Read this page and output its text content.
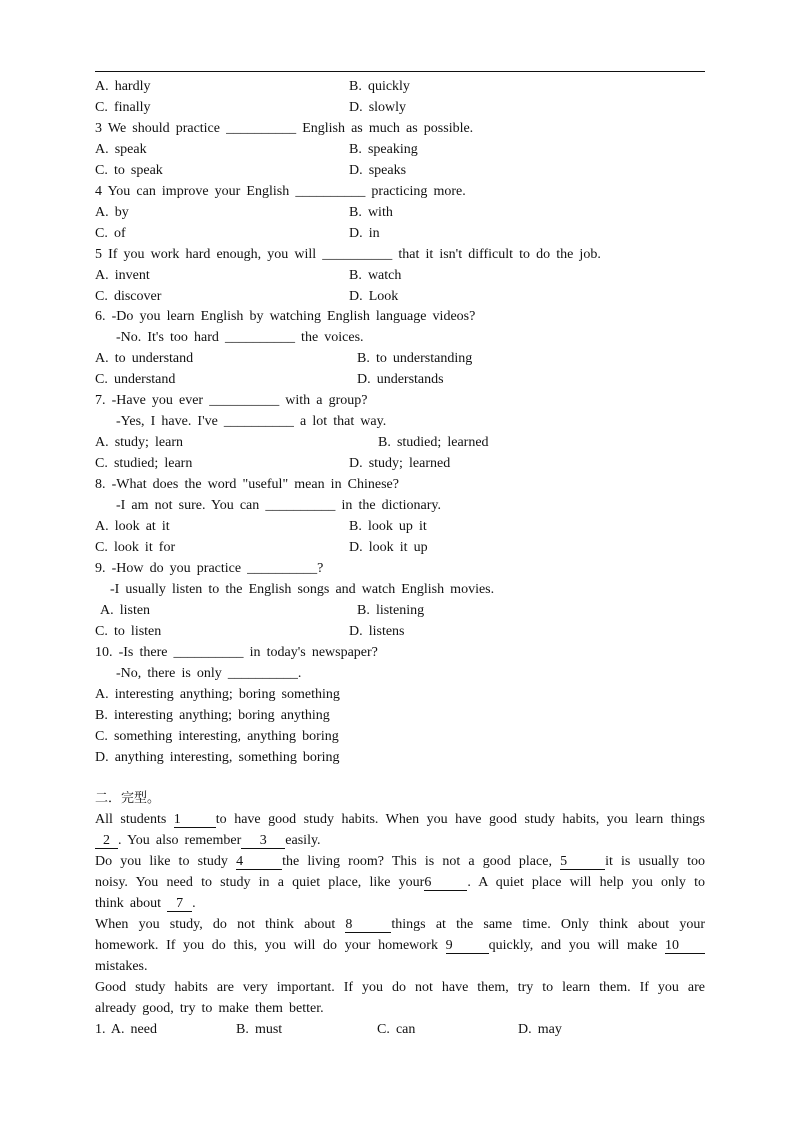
A. hardly	B. quickly
C. finally	D. slowly
3 We should practice __________ English as much as possible.
A. speak	B. speaking
C. to speak	D. speaks
4 You can improve your English __________ practicing more.
A. by	B. with
C. of	D. in
5 If you work hard enough, you will __________ that it isn't difficult to do the job.
A. invent	B. watch
C. discover	D. Look
6. -Do you learn English by watching English language videos?
-No. It's too hard __________ the voices.
A. to understand	B. to understanding
C. understand	D. understands
7. -Have you ever __________ with a group?
-Yes, I have. I've __________ a lot that way.
A. study; learn	B. studied; learned
C. studied; learn	D. study; learned
8. -What does the word "useful" mean in Chinese?
-I am not sure. You can __________ in the dictionary.
A. look at it	B. look up it
C. look it for	D. look it up
9. -How do you practice __________?
-I usually listen to the English songs and watch English movies.
A. listen	B. listening
C. to listen	D. listens
10. -Is there __________ in today's newspaper?
-No, there is only __________.
A. interesting anything; boring something
B. interesting anything; boring anything
C. something interesting, anything boring
D. anything interesting, something boring
二．完型。
All students 1	to have good study habits. When you have good study habits, you learn things
2 . You also remember 3 easily.
Do you like to study 4	the living room? This is not a good place, 5	it is usually too
noisy. You need to study in a quiet place, like your6	. A quiet place will help you only to
think about 7 .
When you study, do not think about 8	things at the same time. Only think about your
homework. If you do this, you will do your homework 9	quickly, and you will make 10
mistakes.
Good study habits are very important. If you do not have them, try to learn them. If you are
already good, try to make them better.
1. A. need	B. must	C. can	D. may
